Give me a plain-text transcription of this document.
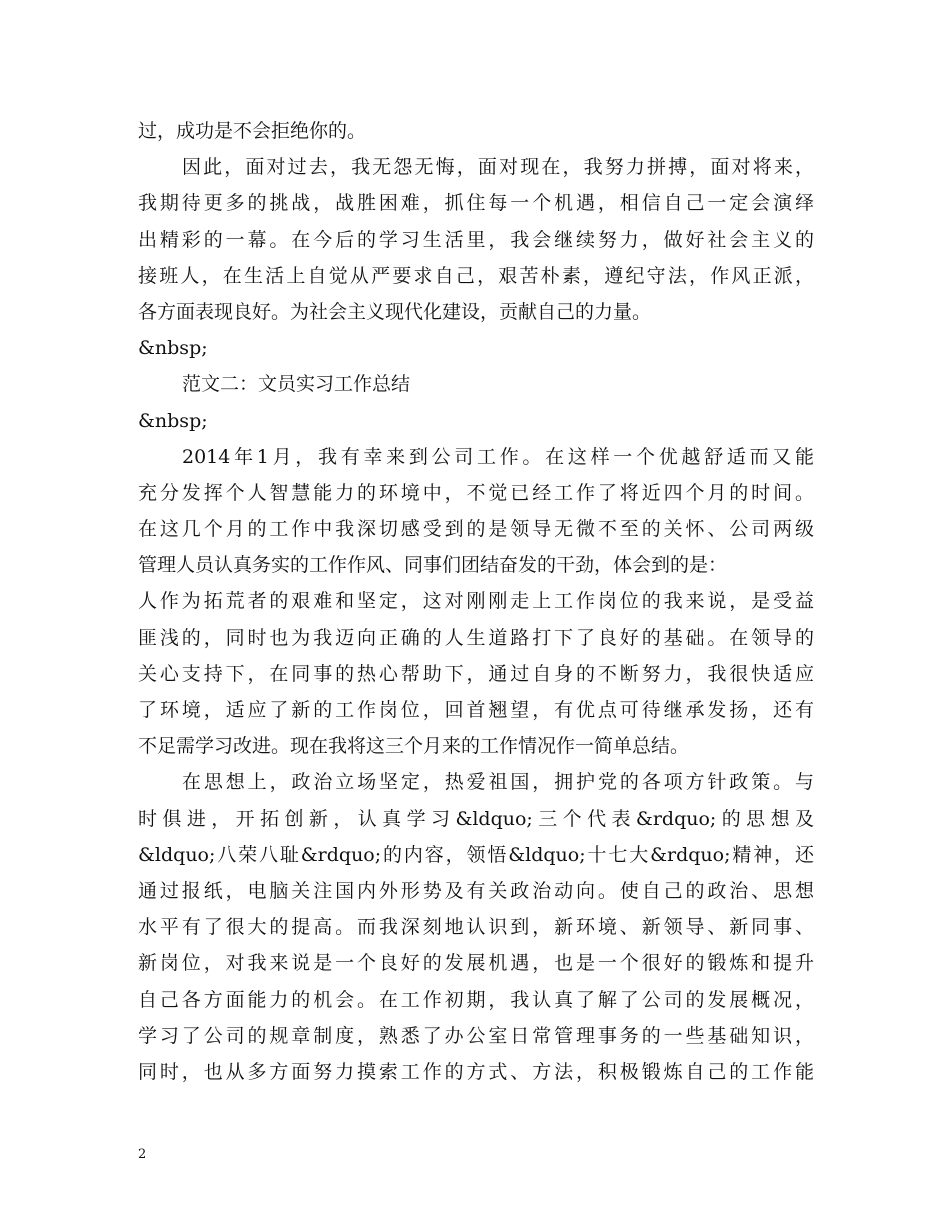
过，成功是不会拒绝你的。
因此，面对过去，我无怨无悔，面对现在，我努力拼搏，面对将来，
我期待更多的挑战，战胜困难，抓住每一个机遇，相信自己一定会演绎
出精彩的一幕。在今后的学习生活里，我会继续努力，做好社会主义的
接班人，在生活上自觉从严要求自己，艰苦朴素，遵纪守法，作风正派，
各方面表现良好。为社会主义现代化建设，贡献自己的力量。
&nbsp;
范文二：文员实习工作总结
&nbsp;
2014年1月，我有幸来到公司工作。在这样一个优越舒适而又能
充分发挥个人智慧能力的环境中，不觉已经工作了将近四个月的时间。
在这几个月的工作中我深切感受到的是领导无微不至的关怀、公司两级
管理人员认真务实的工作作风、同事们团结奋发的干劲，体会到的是：
人作为拓荒者的艰难和坚定，这对刚刚走上工作岗位的我来说，是受益
匪浅的，同时也为我迈向正确的人生道路打下了良好的基础。在领导的
关心支持下，在同事的热心帮助下，通过自身的不断努力，我很快适应
了环境，适应了新的工作岗位，回首翘望，有优点可待继承发扬，还有
不足需学习改进。现在我将这三个月来的工作情况作一简单总结。
在思想上，政治立场坚定，热爱祖国，拥护党的各项方针政策。与
时俱进，开拓创新，认真学习&ldquo;三个代表&rdquo;的思想及
&ldquo;八荣八耻&rdquo;的内容，领悟&ldquo;十七大&rdquo;精神，还
通过报纸，电脑关注国内外形势及有关政治动向。使自己的政治、思想
水平有了很大的提高。而我深刻地认识到，新环境、新领导、新同事、
新岗位，对我来说是一个良好的发展机遇，也是一个很好的锻炼和提升
自己各方面能力的机会。在工作初期，我认真了解了公司的发展概况，
学习了公司的规章制度，熟悉了办公室日常管理事务的一些基础知识，
同时，也从多方面努力摸索工作的方式、方法，积极锻炼自己的工作能
2
